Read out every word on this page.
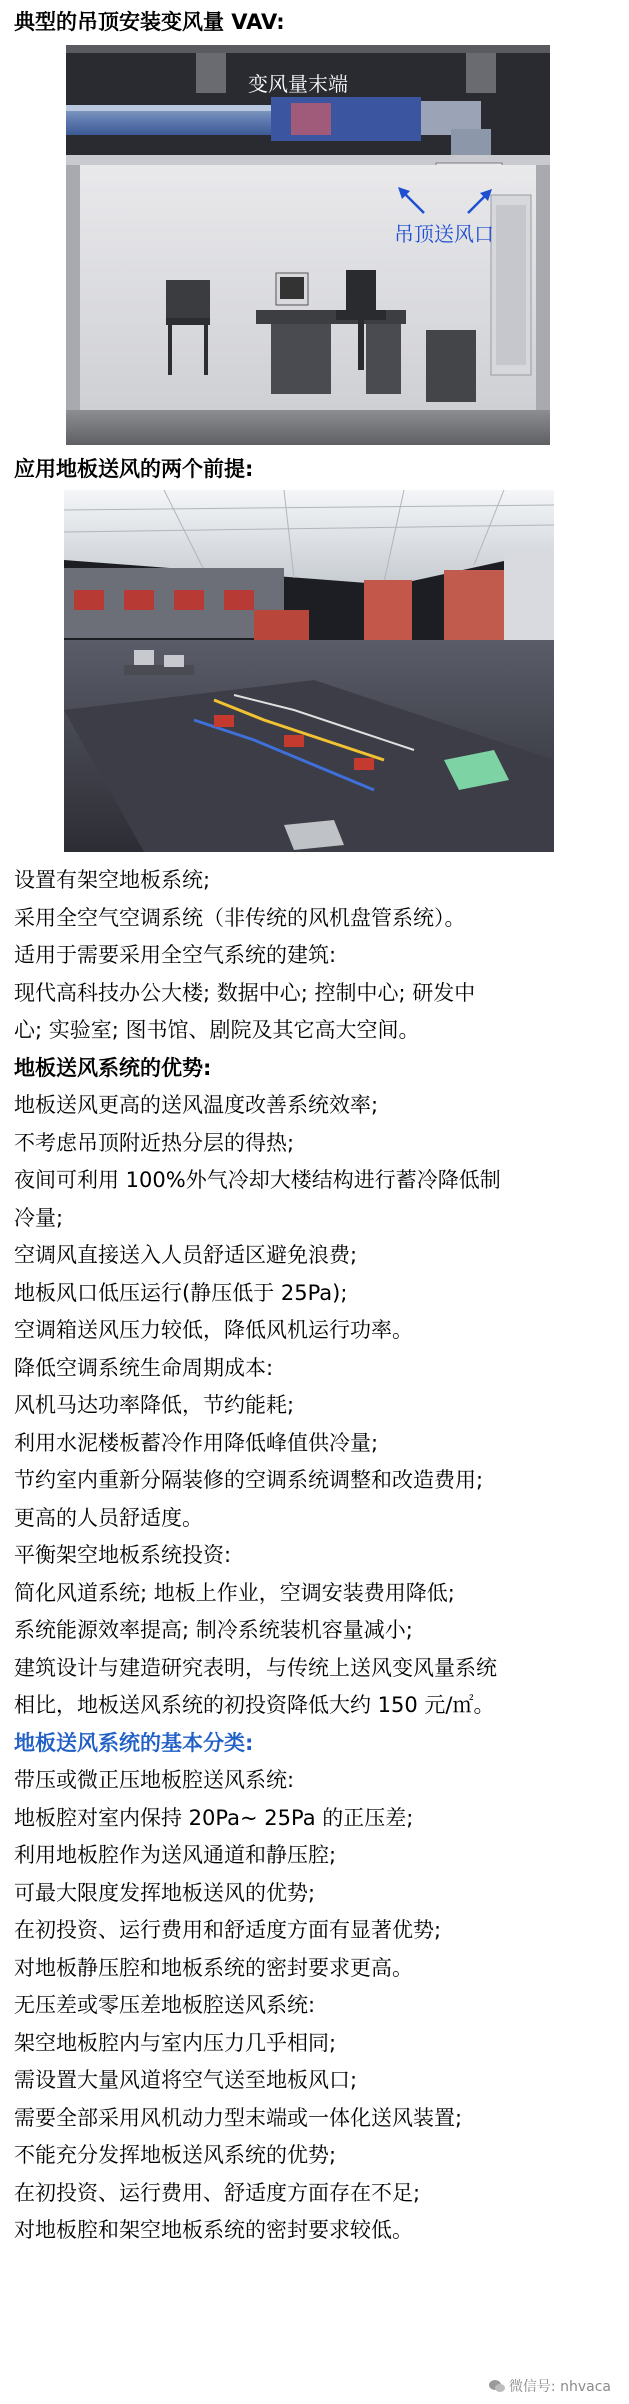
典型的吊顶安装变风量 VAV:
变风量末端
吊顶送风口
应用地板送风的两个前提:
设置有架空地板系统;
采用全空气空调系统（非传统的风机盘管系统）。
适用于需要采用全空气系统的建筑:
现代高科技办公大楼; 数据中心; 控制中心; 研发中
心; 实验室; 图书馆、剧院及其它高大空间。
地板送风系统的优势:
地板送风更高的送风温度改善系统效率;
不考虑吊顶附近热分层的得热;
夜间可利用 100%外气冷却大楼结构进行蓄冷降低制
冷量;
空调风直接送入人员舒适区避免浪费;
地板风口低压运行(静压低于 25Pa);
空调箱送风压力较低，降低风机运行功率。
降低空调系统生命周期成本:
风机马达功率降低，节约能耗;
利用水泥楼板蓄冷作用降低峰值供冷量;
节约室内重新分隔装修的空调系统调整和改造费用;
更高的人员舒适度。
平衡架空地板系统投资:
简化风道系统; 地板上作业，空调安装费用降低;
系统能源效率提高; 制冷系统装机容量减小;
建筑设计与建造研究表明，与传统上送风变风量系统
相比，地板送风系统的初投资降低大约 150 元/㎡。
地板送风系统的基本分类:
带压或微正压地板腔送风系统:
地板腔对室内保持 20Pa~ 25Pa 的正压差;
利用地板腔作为送风通道和静压腔;
可最大限度发挥地板送风的优势;
在初投资、运行费用和舒适度方面有显著优势;
对地板静压腔和地板系统的密封要求更高。
无压差或零压差地板腔送风系统:
架空地板腔内与室内压力几乎相同;
需设置大量风道将空气送至地板风口;
需要全部采用风机动力型末端或一体化送风装置;
不能充分发挥地板送风系统的优势;
在初投资、运行费用、舒适度方面存在不足;
对地板腔和架空地板系统的密封要求较低。
微信号: nhvaca
